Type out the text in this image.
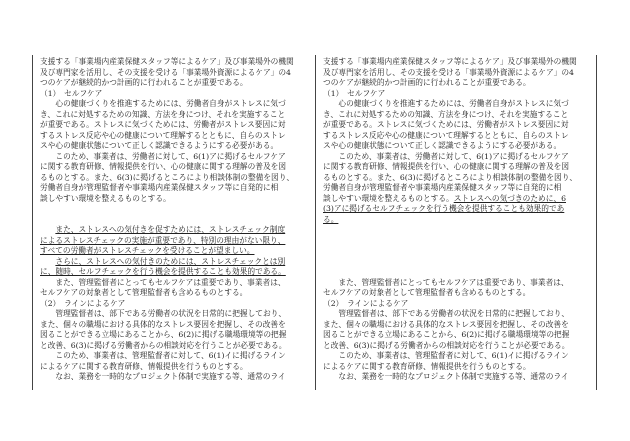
支援する「事業場内産業保健スタッフ等によるケア」及び事業場外の機関
及び専門家を活用し、その支援を受ける「事業場外資源によるケア」の4
つのケアが継続的かつ計画的に行われることが重要である。
（1）　セルフケア
　　心の健康づくりを推進するためには、労働者自身がストレスに気づ
き、これに対処するための知識、方法を身につけ、それを実施すること
が重要である。ストレスに気づくためには、労働者がストレス要因に対
するストレス反応や心の健康について理解するとともに、自らのストレ
スや心の健康状態について正しく認識できるようにする必要がある。
　　このため、事業者は、労働者に対して、6(1)アに掲げるセルフケア
に関する教育研修、情報提供を行い、心の健康に関する理解の普及を図
るものとする。また、6(3)に掲げるところにより相談体制の整備を図り、
労働者自身が管理監督者や事業場内産業保健スタッフ等に自発的に相
談しやすい環境を整えるものとする。
　　また、ストレスへの気付きを促すためには、ストレスチェック制度
によるストレスチェックの実施が重要であり、特別の理由がない限り、
すべての労働者がストレスチェックを受けることが望ましい。
　　さらに、ストレスへの気付きのためには、ストレスチェックとは別
に、随時、セルフチェックを行う機会を提供することも効果的である。
　　また、管理監督者にとってもセルフケアは重要であり、事業者は、
セルフケアの対象者として管理監督者も含めるものとする。
（2）　ラインによるケア
　　管理監督者は、部下である労働者の状況を日常的に把握しており、
また、個々の職場における具体的なストレス要因を把握し、その改善を
図ることができる立場にあることから、6(2)に掲げる職場環境等の把握
と改善、6(3)に掲げる労働者からの相談対応を行うことが必要である。
　　このため、事業者は、管理監督者に対して、6(1)イに掲げるライン
によるケアに関する教育研修、情報提供を行うものとする。
　　なお、業務を一時的なプロジェクト体制で実施する等、通常のライ
支援する「事業場内産業保健スタッフ等によるケア」及び事業場外の機関
及び専門家を活用し、その支援を受ける「事業場外資源によるケア」の4
つのケアが継続的かつ計画的に行われることが重要である。
（1）　セルフケア
　　心の健康づくりを推進するためには、労働者自身がストレスに気づ
き、これに対処するための知識、方法を身につけ、それを実施すること
が重要である。ストレスに気づくためには、労働者がストレス要因に対
するストレス反応や心の健康について理解するとともに、自らのストレ
スや心の健康状態について正しく認識できるようにする必要がある。
　　このため、事業者は、労働者に対して、6(1)アに掲げるセルフケア
に関する教育研修、情報提供を行い、心の健康に関する理解の普及を図
るものとする。また、6(3)に掲げるところにより相談体制の整備を図り、
労働者自身が管理監督者や事業場内産業保健スタッフ等に自発的に相
談しやすい環境を整えるものとする。ストレスへの気づきのために、6
(3)アに掲げるセルフチェックを行う機会を提供することも効果的であ
る。
　　また、管理監督者にとってもセルフケアは重要であり、事業者は、
セルフケアの対象者として管理監督者も含めるものとする。
（2）　ラインによるケア
　　管理監督者は、部下である労働者の状況を日常的に把握しており、
また、個々の職場における具体的なストレス要因を把握し、その改善を
図ることができる立場にあることから、6(2)に掲げる職場環境等の把握
と改善、6(3)に掲げる労働者からの相談対応を行うことが必要である。
　　このため、事業者は、管理監督者に対して、6(1)イに掲げるライン
によるケアに関する教育研修、情報提供を行うものとする。
　　なお、業務を一時的なプロジェクト体制で実施する等、通常のライ
